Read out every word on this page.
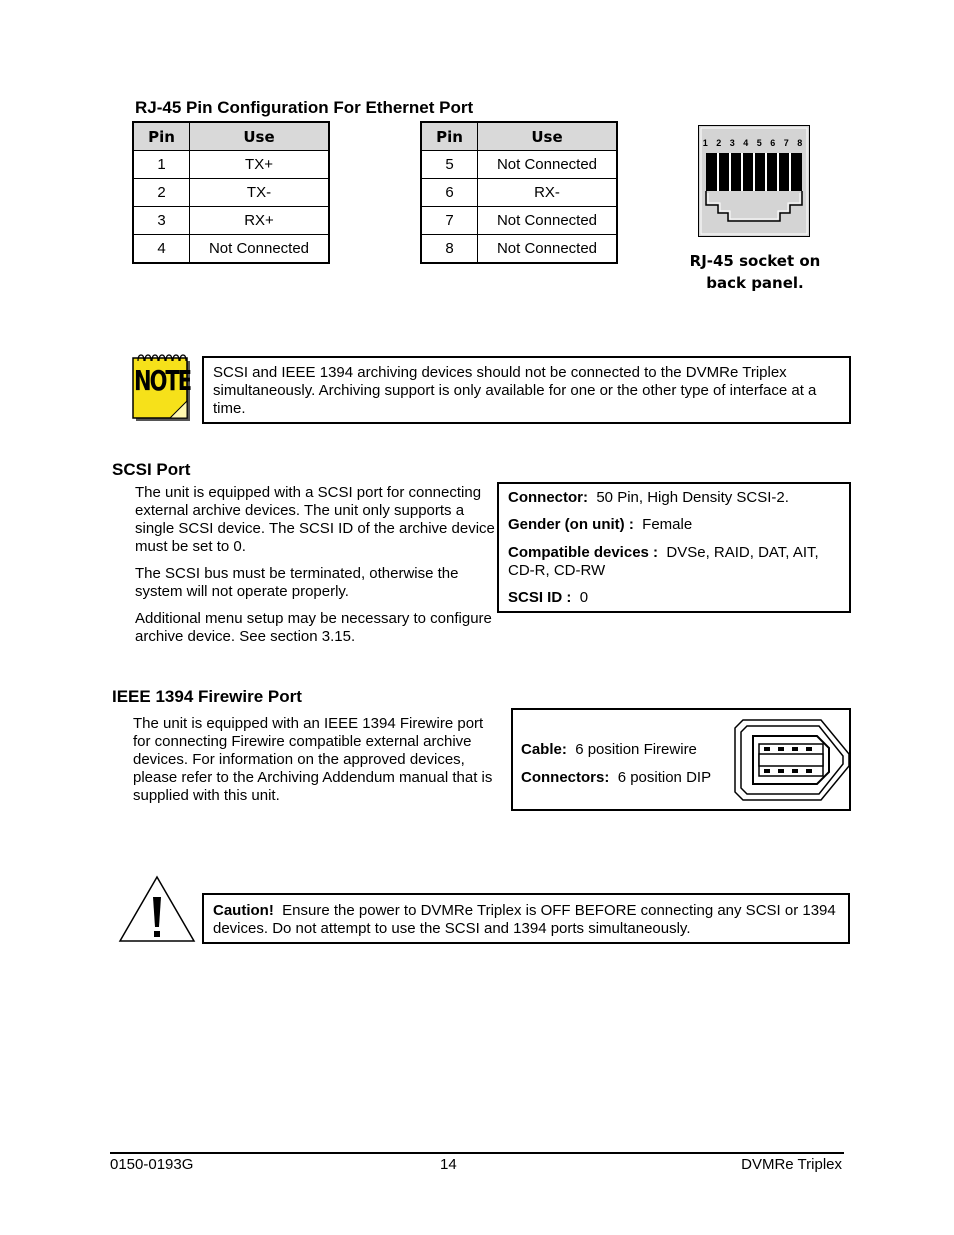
RJ-45 Pin Configuration For Ethernet Port
Pin	Use
1	TX+
2	TX-
3	RX+
4	Not Connected
Pin	Use
5	Not Connected
6	RX-
7	Not Connected
8	Not Connected
1 2 3 4 5 6 7 8
RJ-45 socket on
back panel.
NOTE	SCSI and IEEE 1394 archiving devices should not be connected to the DVMRe Triplex simultaneously. Archiving support is only available for one or the other type of interface at a time.
SCSI Port
The unit is equipped with a SCSI port for connecting external archive devices. The unit only supports a single SCSI device. The SCSI ID of the archive device must be set to 0.
The SCSI bus must be terminated, otherwise the system will not operate properly.
Additional menu setup may be necessary to configure archive device. See section 3.15.
Connector: 50 Pin, High Density SCSI-2.
Gender (on unit) : Female
Compatible devices : DVSe, RAID, DAT, AIT, CD-R, CD-RW
SCSI ID : 0
IEEE 1394 Firewire Port
The unit is equipped with an IEEE 1394 Firewire port for connecting Firewire compatible external archive devices. For information on the approved devices, please refer to the Archiving Addendum manual that is supplied with this unit.
Cable: 6 position Firewire
Connectors: 6 position DIP
Caution! Ensure the power to DVMRe Triplex is OFF BEFORE connecting any SCSI or 1394 devices. Do not attempt to use the SCSI and 1394 ports simultaneously.
0150-0193G	14	DVMRe Triplex
